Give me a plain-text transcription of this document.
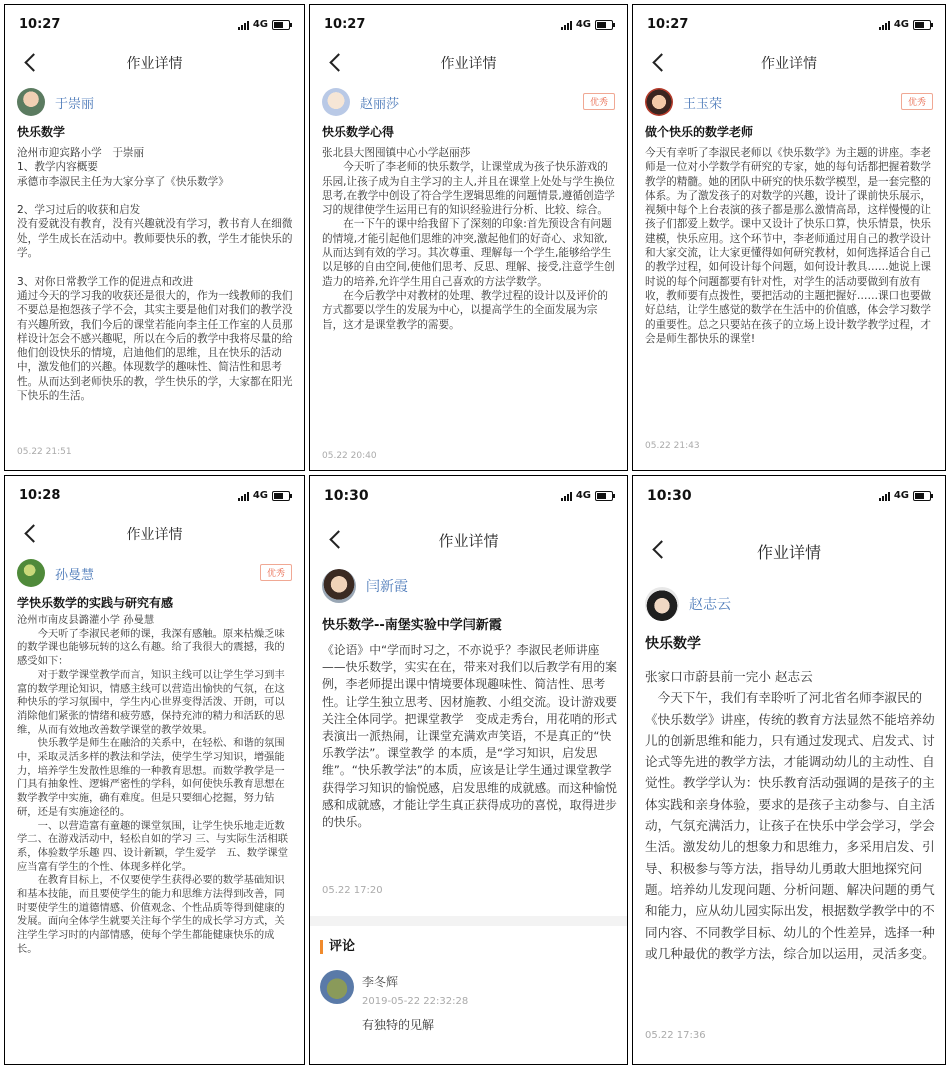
10:27	4G
作业详情
于崇丽
快乐数学
沧州市迎宾路小学　于崇丽
1、教学内容概要
承德市李淑民主任为大家分享了《快乐数学》

2、学习过后的收获和启发
没有爱就没有教育，没有兴趣就没有学习，教书育人在细微处，学生成长在活动中。教师要快乐的教，学生才能快乐的学。

3、对你日常教学工作的促进点和改进
通过今天的学习我的收获还是很大的，作为一线教师的我们不要总是抱怨孩子学不会，其实主要是他们对我们的教学没有兴趣所致，我们今后的课堂若能向李主任工作室的人员那样设计怎会不感兴趣呢，所以在今后的教学中我将尽量的给他们创设快乐的情境，启迪他们的思维，且在快乐的活动中，激发他们的兴趣。体现数学的趣味性、简洁性和思考性。从而达到老师快乐的教，学生快乐的学，大家都在阳光下快乐的生活。
05.22 21:51
10:27	4G
作业详情
赵丽莎	优秀
快乐数学心得
张北县大图囤镇中心小学赵丽莎
　　今天听了李老师的快乐数学，让课堂成为孩子快乐游戏的乐园,让孩子成为自主学习的主人,并且在课堂上处处与学生换位思考,在教学中创设了符合学生逻辑思维的问题情景,遵循创造学习的规律使学生运用已有的知识经验进行分析、比较、综合。
　　在一下午的课中给我留下了深刻的印象:首先预设含有问题的情境,才能引起他们思维的冲突,激起他们的好奇心、求知欲,从而达到有效的学习。其次尊重、理解每一个学生,能够给学生以足够的自由空间,使他们思考、反思、理解、接受,注意学生创造力的培养,允许学生用自己喜欢的方法学数学。
　　在今后教学中对教材的处理、教学过程的设计以及评价的方式都要以学生的发展为中心，以提高学生的全面发展为宗旨，这才是课堂教学的需要。
05.22 20:40
10:27	4G
作业详情
王玉荣	优秀
做个快乐的数学老师
今天有幸听了李淑民老师以《快乐数学》为主题的讲座。李老师是一位对小学数学有研究的专家，她的每句话都把握着数学教学的精髓。她的团队中研究的快乐数学模型，是一套完整的体系。为了激发孩子的对数学的兴趣，设计了课前快乐展示，视频中每个上台表演的孩子都是那么激情高昂，这样慢慢的让孩子们都爱上数学。课中又设计了快乐口算，快乐情景，快乐建模，快乐应用。这个环节中，李老师通过用自己的教学设计和大家交流，让大家更懂得如何研究教材，如何选择适合自己的教学过程，如何设计每个问题，如何设计教具……她说上课时说的每个问题都要有针对性，对学生的活动要做到有放有收，教师要有点拨性，要把活动的主题把握好……课口也要做好总结，让学生感觉的数学在生活中的价值感，体会学习数学的重要性。总之只要站在孩子的立场上设计数学教学过程，才会是师生都快乐的课堂!
05.22 21:43
10:28	4G
作业详情
孙曼慧	优秀
学快乐数学的实践与研究有感
沧州市南皮县潞灌小学 孙曼慧
　　今天听了李淑民老师的课，我深有感触。原来枯燥乏味的数学课也能够玩转的这么有趣。给了我很大的震撼，我的感受如下：
　　对于数学课堂教学而言，知识主线可以让学生学习到丰富的数学理论知识，情感主线可以营造出愉快的气氛，在这种快乐的学习氛围中，学生内心世界变得活泼、开朗，可以消除他们紧张的情绪和疲劳感，保持充沛的精力和活跃的思维，从而有效地改善数学课堂的教学效果。
　　快乐教学是师生在融洽的关系中，在轻松、和谐的氛围中，采取灵活多样的教法和学法，使学生学习知识，增强能力，培养学生发散性思维的一种教育思想。而数学教学是一门具有抽象性、逻辑严密性的学科，如何使快乐教育思想在数学教学中实施，确有难度。但是只要细心挖掘，努力钻研，还是有实施途径的。
　　一、以营造富有童趣的课堂氛围，让学生快乐地走近数学二、在游戏活动中，轻松自如的学习 三、与实际生活相联系，体验数学乐趣 四、设计新颖，学生爱学　五、数学课堂应当富有学生的个性、体现多样化学。
　　在教育目标上，不仅要使学生获得必要的数学基础知识和基本技能，而且要使学生的能力和思维方法得到改善，同时要使学生的道德情感、价值观念、个性品质等得到健康的发展。面向全体学生就要关注每个学生的成长学习方式，关注学生学习时的内部情感，使每个学生都能健康快乐的成长。
10:30	4G
作业详情
闫新霞
快乐数学--南堡实验中学闫新霞
《论语》中“学而时习之，不亦说乎？李淑民老师讲座——快乐数学，实实在在，带来对我们以后教学有用的案例，李老师提出课中情境要体现趣味性、简洁性、思考性。让学生独立思考、因材施教、小组交流。设计游戏要关注全体同学。把课堂教学　变成走秀台，用花哨的形式表演出一派热闹，让课堂充满欢声笑语，不是真正的“快乐教学法”。课堂教学 的本质，是“学习知识，启发思维”。“快乐教学法”的本质，应该是让学生通过课堂教学获得学习知识的愉悦感，启发思维的成就感。而这种愉悦感和成就感，才能让学生真正获得成功的喜悦，取得进步的快乐。
05.22 17:20
评论
李冬辉
2019-05-22 22:32:28
有独特的见解
10:30	4G
作业详情
赵志云
快乐数学
张家口市蔚县前一完小 赵志云
　今天下午，我们有幸聆听了河北省名师李淑民的《快乐数学》讲座，传统的教育方法显然不能培养幼儿的创新思维和能力，只有通过发现式、启发式、讨论式等先进的教学方法，才能调动幼儿的主动性、自觉性。教学学认为：快乐教育活动强调的是孩子的主体实践和亲身体验，要求的是孩子主动参与、自主活动，气氛充满活力，让孩子在快乐中学会学习，学会生活。激发幼儿的想象力和思维力，多采用启发、引导、积极参与等方法，指导幼儿勇敢大胆地探究问题。培养幼儿发现问题、分析问题、解决问题的勇气和能力，应从幼儿园实际出发，根据数学教学中的不同内容、不同教学目标、幼儿的个性差异，选择一种或几种最优的教学方法，综合加以运用，灵活多变。
05.22 17:36
